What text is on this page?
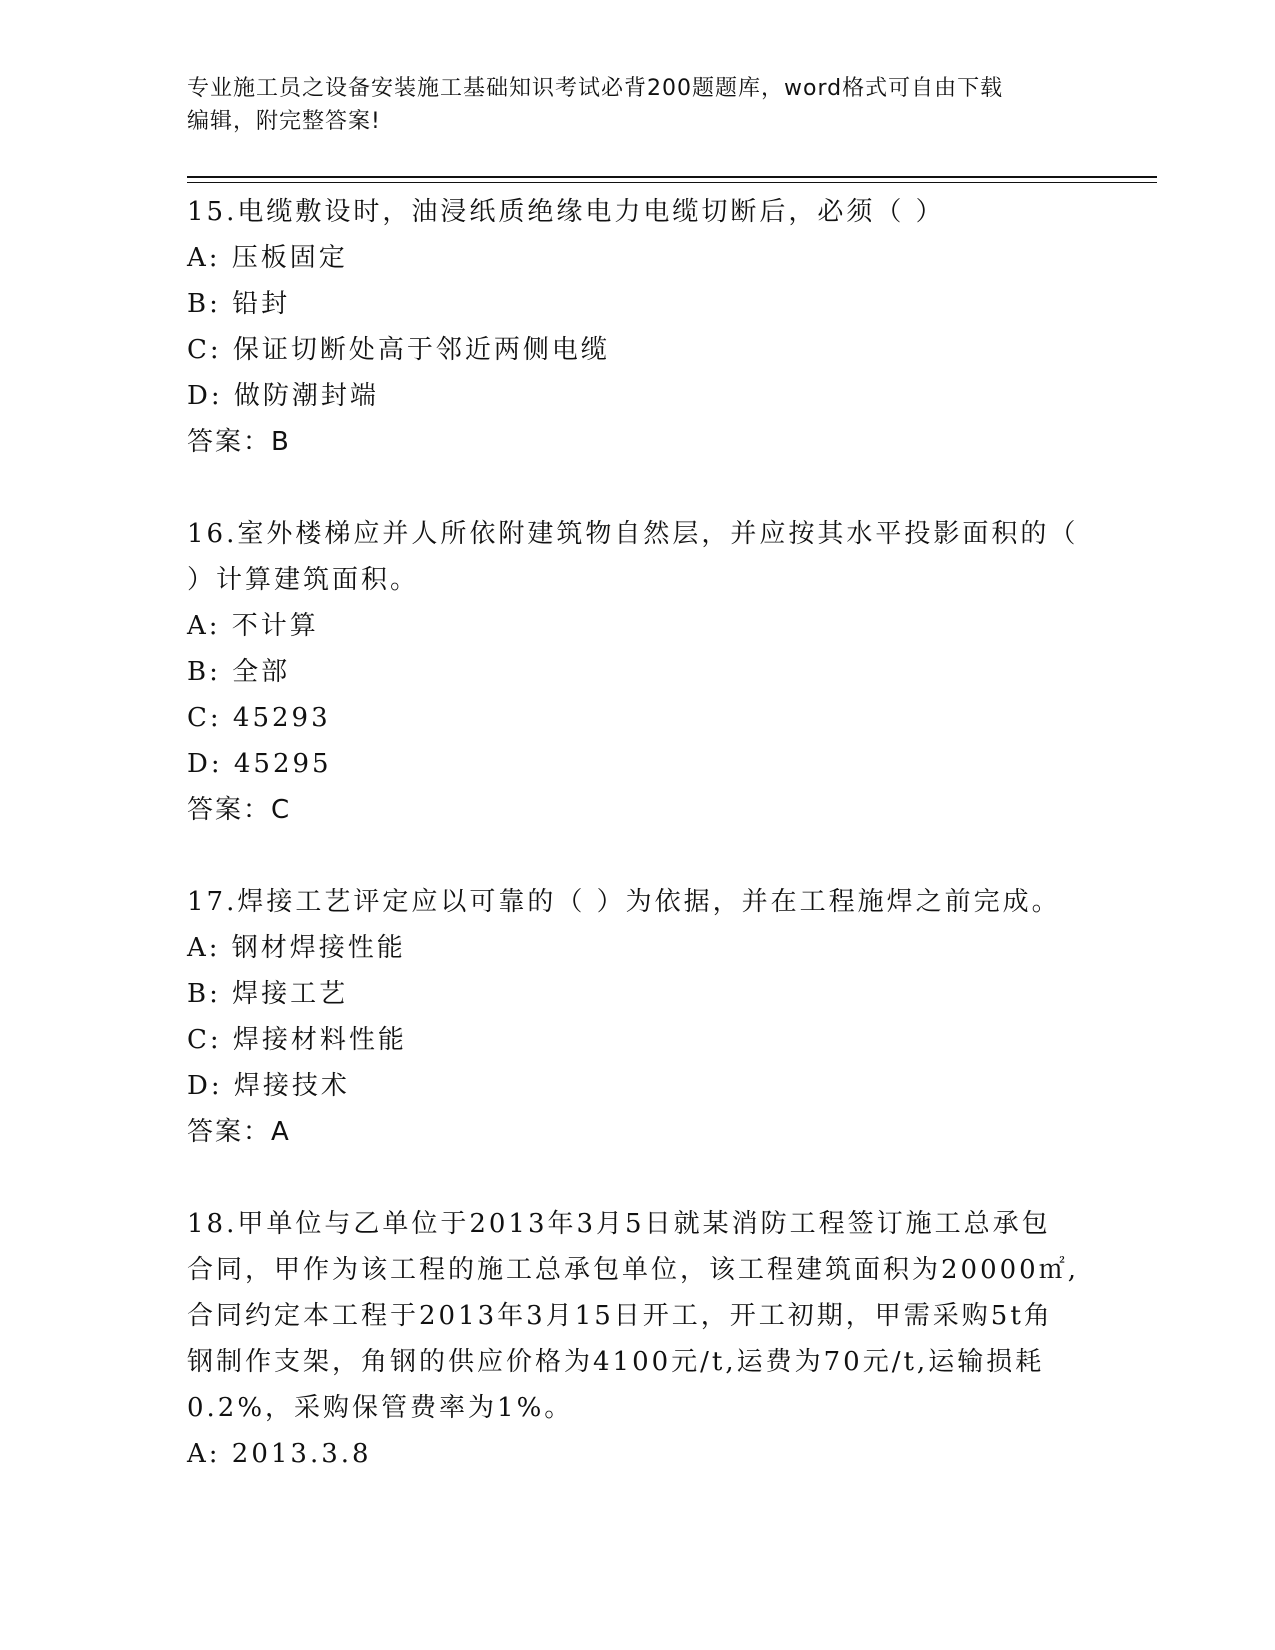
专业施工员之设备安装施工基础知识考试必背200题题库，word格式可自由下载
编辑，附完整答案!
15.电缆敷设时，油浸纸质绝缘电力电缆切断后，必须（ ）
A: 压板固定
B: 铅封
C: 保证切断处高于邻近两侧电缆
D: 做防潮封端
答案：B
16.室外楼梯应并人所依附建筑物自然层，并应按其水平投影面积的（
）计算建筑面积。
A: 不计算
B: 全部
C: 45293
D: 45295
答案：C
17.焊接工艺评定应以可靠的（ ）为依据，并在工程施焊之前完成。
A: 钢材焊接性能
B: 焊接工艺
C: 焊接材料性能
D: 焊接技术
答案：A
18.甲单位与乙单位于2013年3月5日就某消防工程签订施工总承包
合同，甲作为该工程的施工总承包单位，该工程建筑面积为20000㎡,
合同约定本工程于2013年3月15日开工，开工初期，甲需采购5t角
钢制作支架，角钢的供应价格为4100元/t,运费为70元/t,运输损耗
0.2%，采购保管费率为1%。
A: 2013.3.8
